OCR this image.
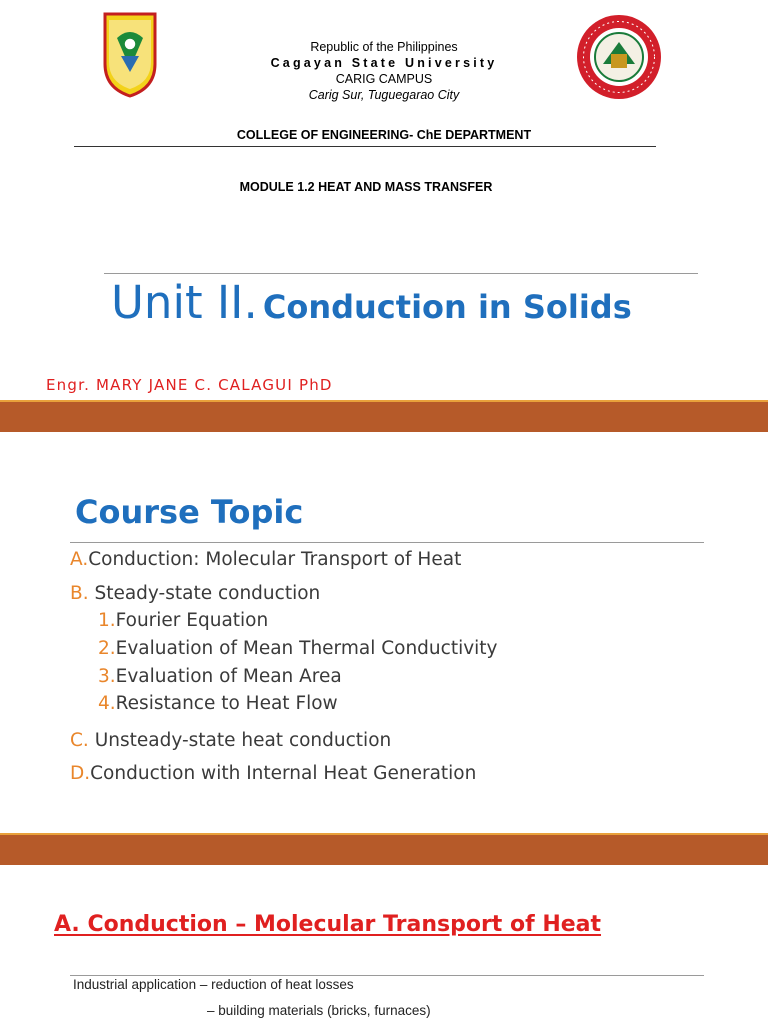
Republic of the Philippines
Cagayan State University
CARIG CAMPUS
Carig Sur, Tuguegarao City
COLLEGE OF ENGINEERING- ChE DEPARTMENT
MODULE 1.2 HEAT AND MASS TRANSFER
Unit II. Conduction in Solids
Engr. MARY JANE C. CALAGUI PhD
Course Topic
A.Conduction: Molecular Transport of Heat
B. Steady-state conduction
1.Fourier Equation
2.Evaluation of Mean Thermal Conductivity
3.Evaluation of Mean Area
4.Resistance to Heat Flow
C. Unsteady-state heat conduction
D.Conduction with Internal Heat Generation
A. Conduction – Molecular Transport of Heat
Industrial application – reduction of heat losses
– building materials (bricks, furnaces)
